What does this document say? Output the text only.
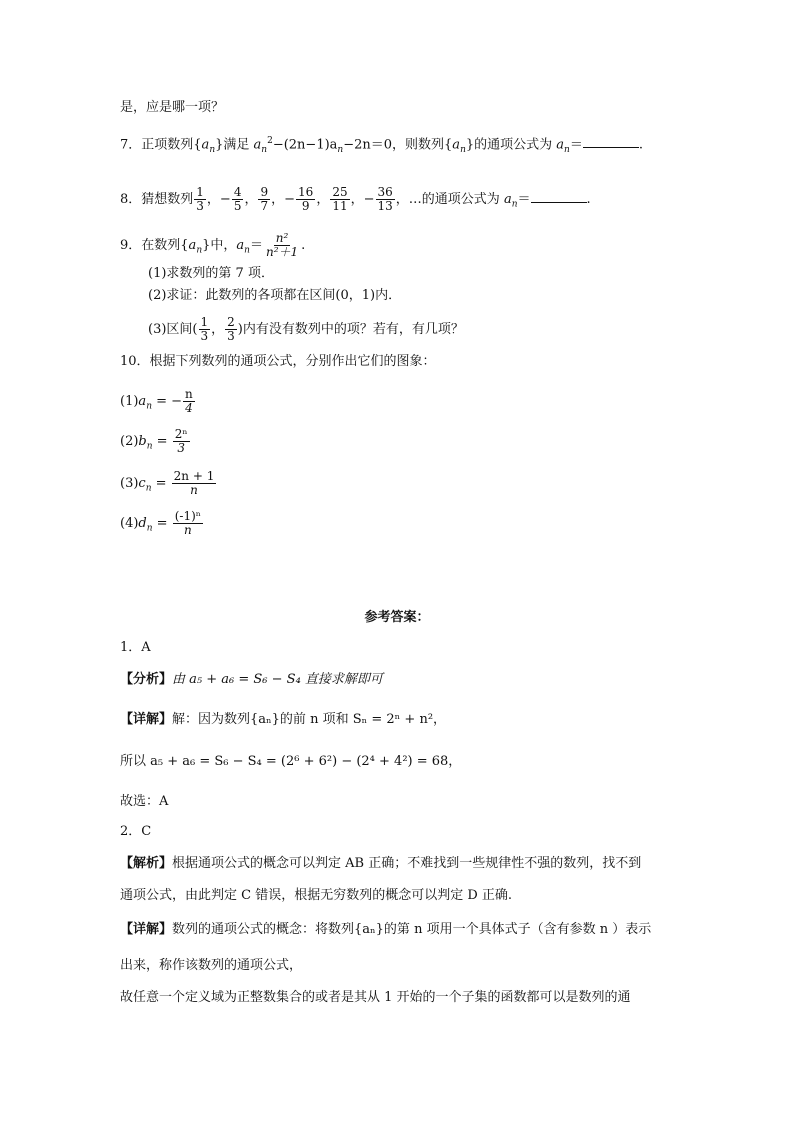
是，应是哪一项？
7．正项数列$\{a_n\}$满足 $a_n^2-(2n-1)a_n-2n=0$，则数列$\{a_n\}$的通项公式为 $a_n=$	.
8．猜想数列 $\frac{1}{3}$ ，− $\frac{4}{5}$ ， $\frac{9}{7}$ ，− $\frac{16}{9}$ ， $\frac{25}{11}$ ，− $\frac{36}{13}$ ，…的通项公式为 $a_n=$	.
9．在数列$\{a_n\}$中，$a_n= \frac{\text{n²}}{\text{n²＋1}}$ .
(1)求数列的第 7 项．
(2)求证：此数列的各项都在区间(0，1)内．
(3)区间( $\frac{1}{3}$ ， $\frac{2}{3}$ )内有没有数列中的项？若有，有几项？
10．根据下列数列的通项公式，分别作出它们的图象：
$(1)a_n$ = − $\frac{n}{4}$
$(2)b_n = \frac{\text{2ⁿ}}{3}$
$(3)c_n = \frac{2n + 1}{n}$
$(4)d_n = \frac{\text{(-1)ⁿ}}{n}$
参考答案：
1．A
【分析】由 a₅ + a₆ = S₆ − S₄ 直接求解即可
【详解】解：因为数列{aₙ}的前 n 项和 Sₙ = 2ⁿ + n²，
所以 a₅ + a₆ = S₆ − S₄ = (2⁶ + 6²) − (2⁴ + 4²) = 68，
故选：A
2．C
【解析】根据通项公式的概念可以判定 AB 正确；不难找到一些规律性不强的数列，找不到
通项公式，由此判定 C 错误，根据无穷数列的概念可以判定 D 正确.
【详解】数列的通项公式的概念：将数列{aₙ}的第 n 项用一个具体式子（含有参数 n ）表示
出来，称作该数列的通项公式，
故任意一个定义域为正整数集合的或者是其从 1 开始的一个子集的函数都可以是数列的通
